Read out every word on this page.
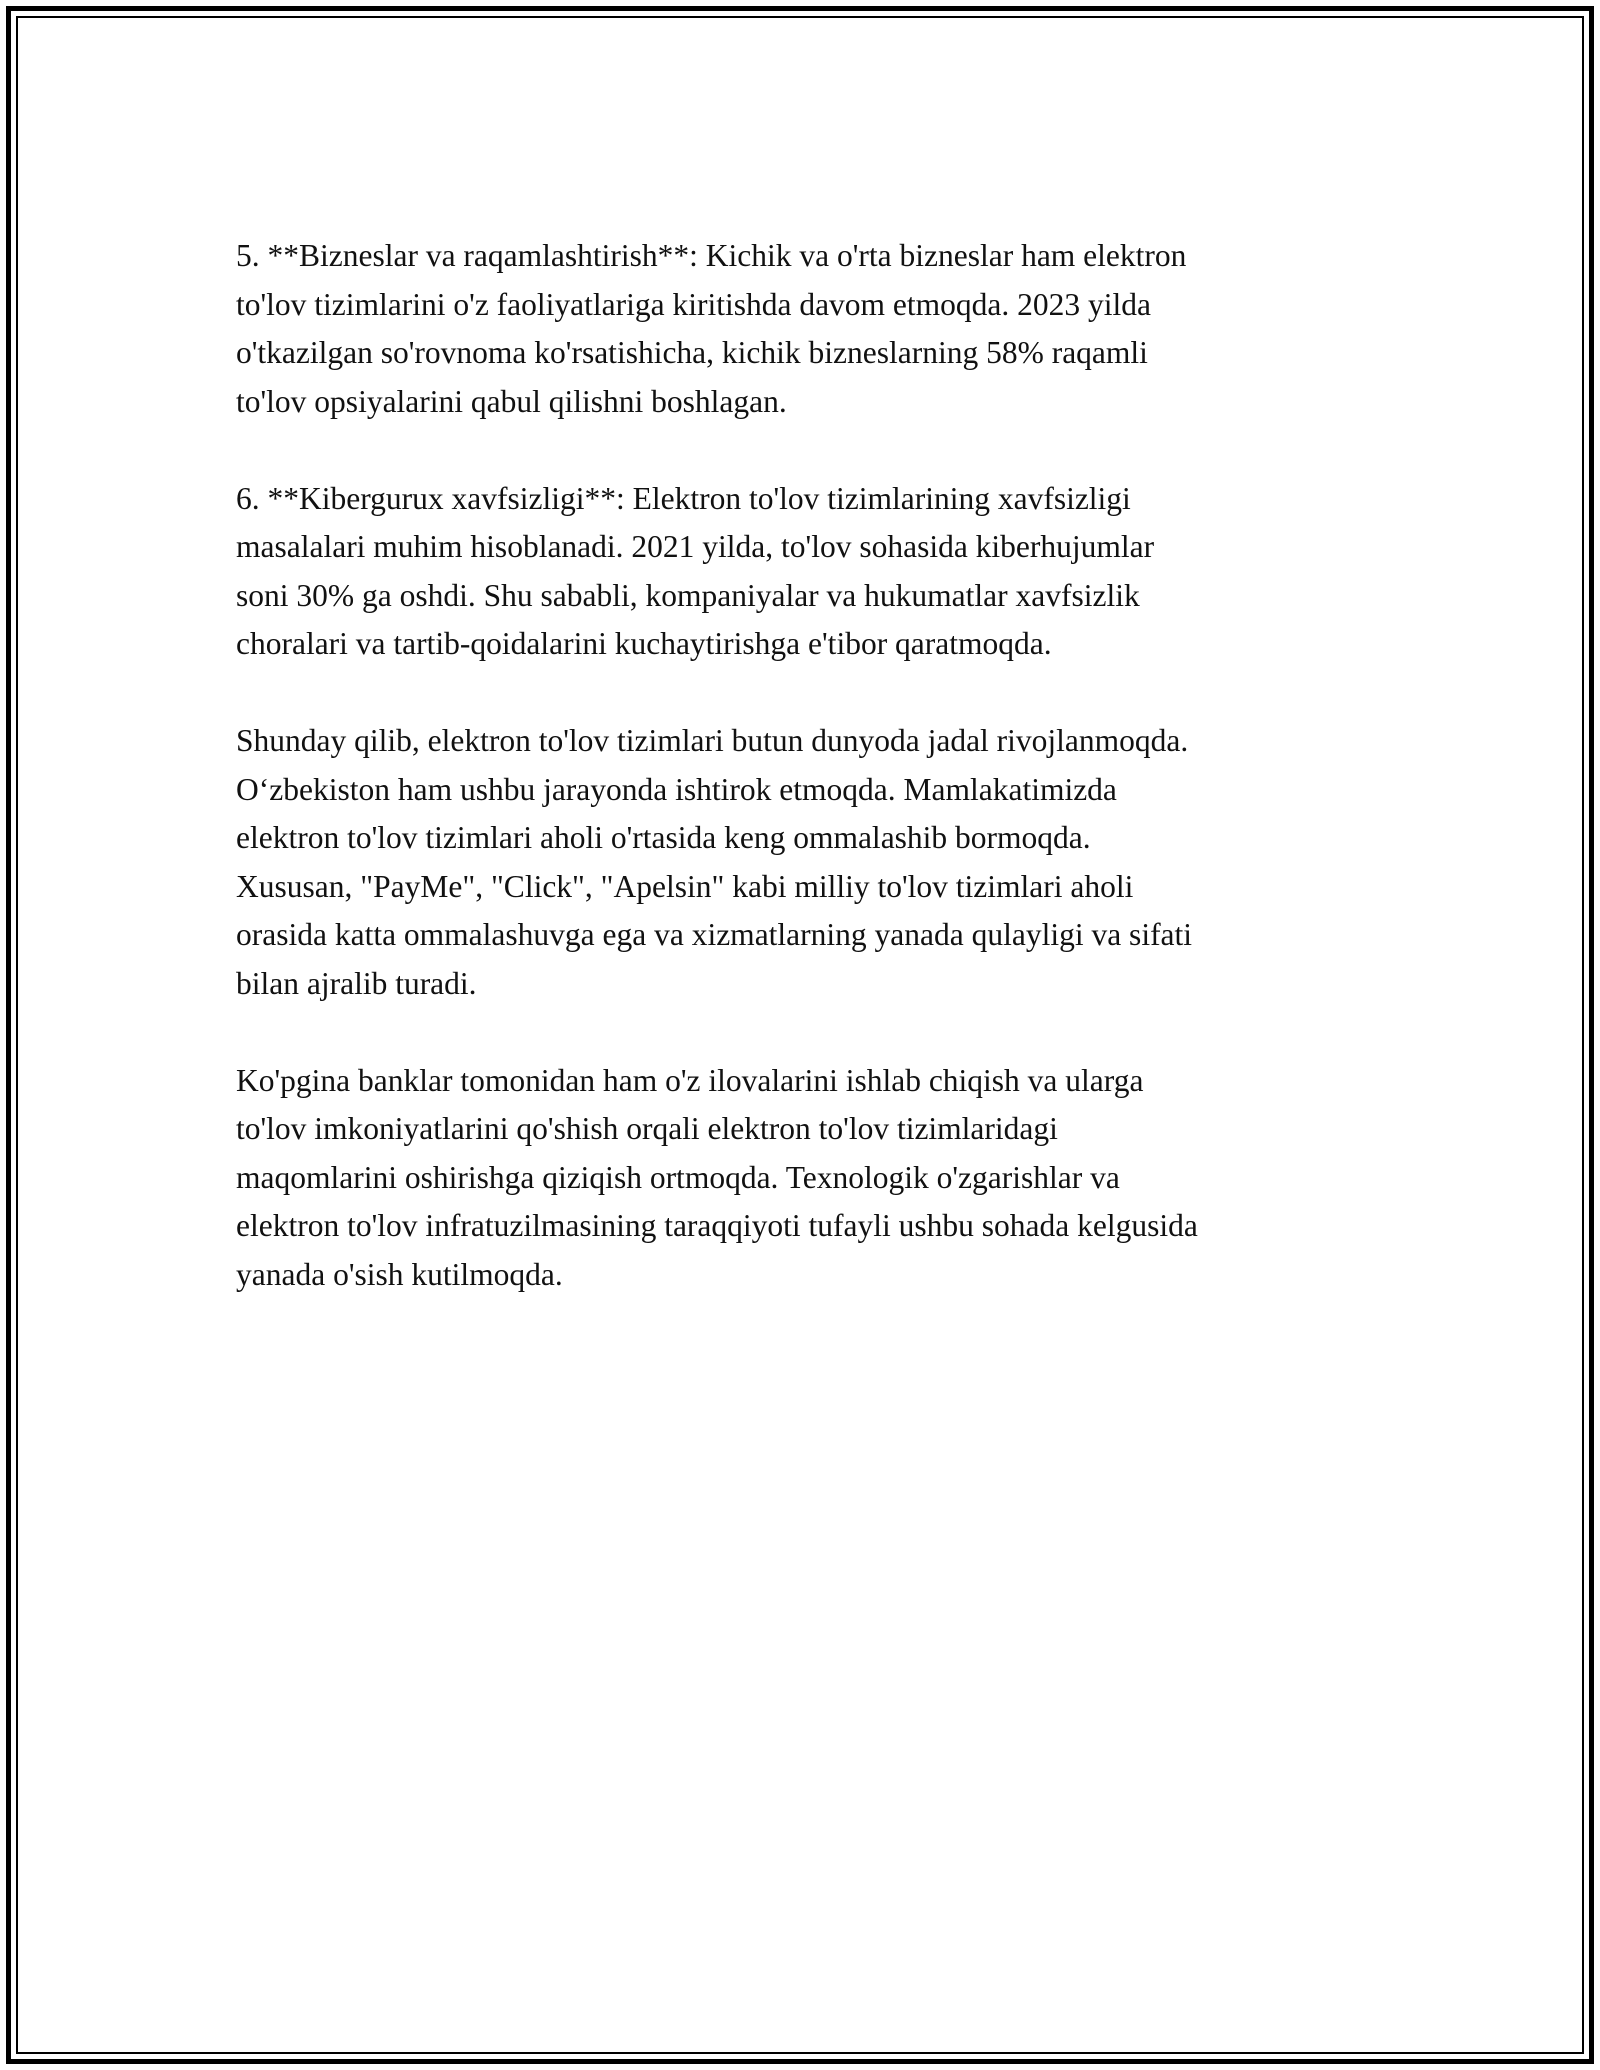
5. **Bizneslar va raqamlashtirish**: Kichik va o'rta bizneslar ham elektron
to'lov tizimlarini o'z faoliyatlariga kiritishda davom etmoqda. 2023 yilda
o'tkazilgan so'rovnoma ko'rsatishicha, kichik bizneslarning 58% raqamli
to'lov opsiyalarini qabul qilishni boshlagan.

6. **Kibergurux xavfsizligi**: Elektron to'lov tizimlarining xavfsizligi
masalalari muhim hisoblanadi. 2021 yilda, to'lov sohasida kiberhujumlar
soni 30% ga oshdi. Shu sababli, kompaniyalar va hukumatlar xavfsizlik
choralari va tartib-qoidalarini kuchaytirishga e'tibor qaratmoqda.

Shunday qilib, elektron to'lov tizimlari butun dunyoda jadal rivojlanmoqda.
O‘zbekiston ham ushbu jarayonda ishtirok etmoqda. Mamlakatimizda
elektron to'lov tizimlari aholi o'rtasida keng ommalashib bormoqda.
Xususan, "PayMe", "Click", "Apelsin" kabi milliy to'lov tizimlari aholi
orasida katta ommalashuvga ega va xizmatlarning yanada qulayligi va sifati
bilan ajralib turadi.

Ko'pgina banklar tomonidan ham o'z ilovalarini ishlab chiqish va ularga
to'lov imkoniyatlarini qo'shish orqali elektron to'lov tizimlaridagi
maqomlarini oshirishga qiziqish ortmoqda. Texnologik o'zgarishlar va
elektron to'lov infratuzilmasining taraqqiyoti tufayli ushbu sohada kelgusida
yanada o'sish kutilmoqda.
